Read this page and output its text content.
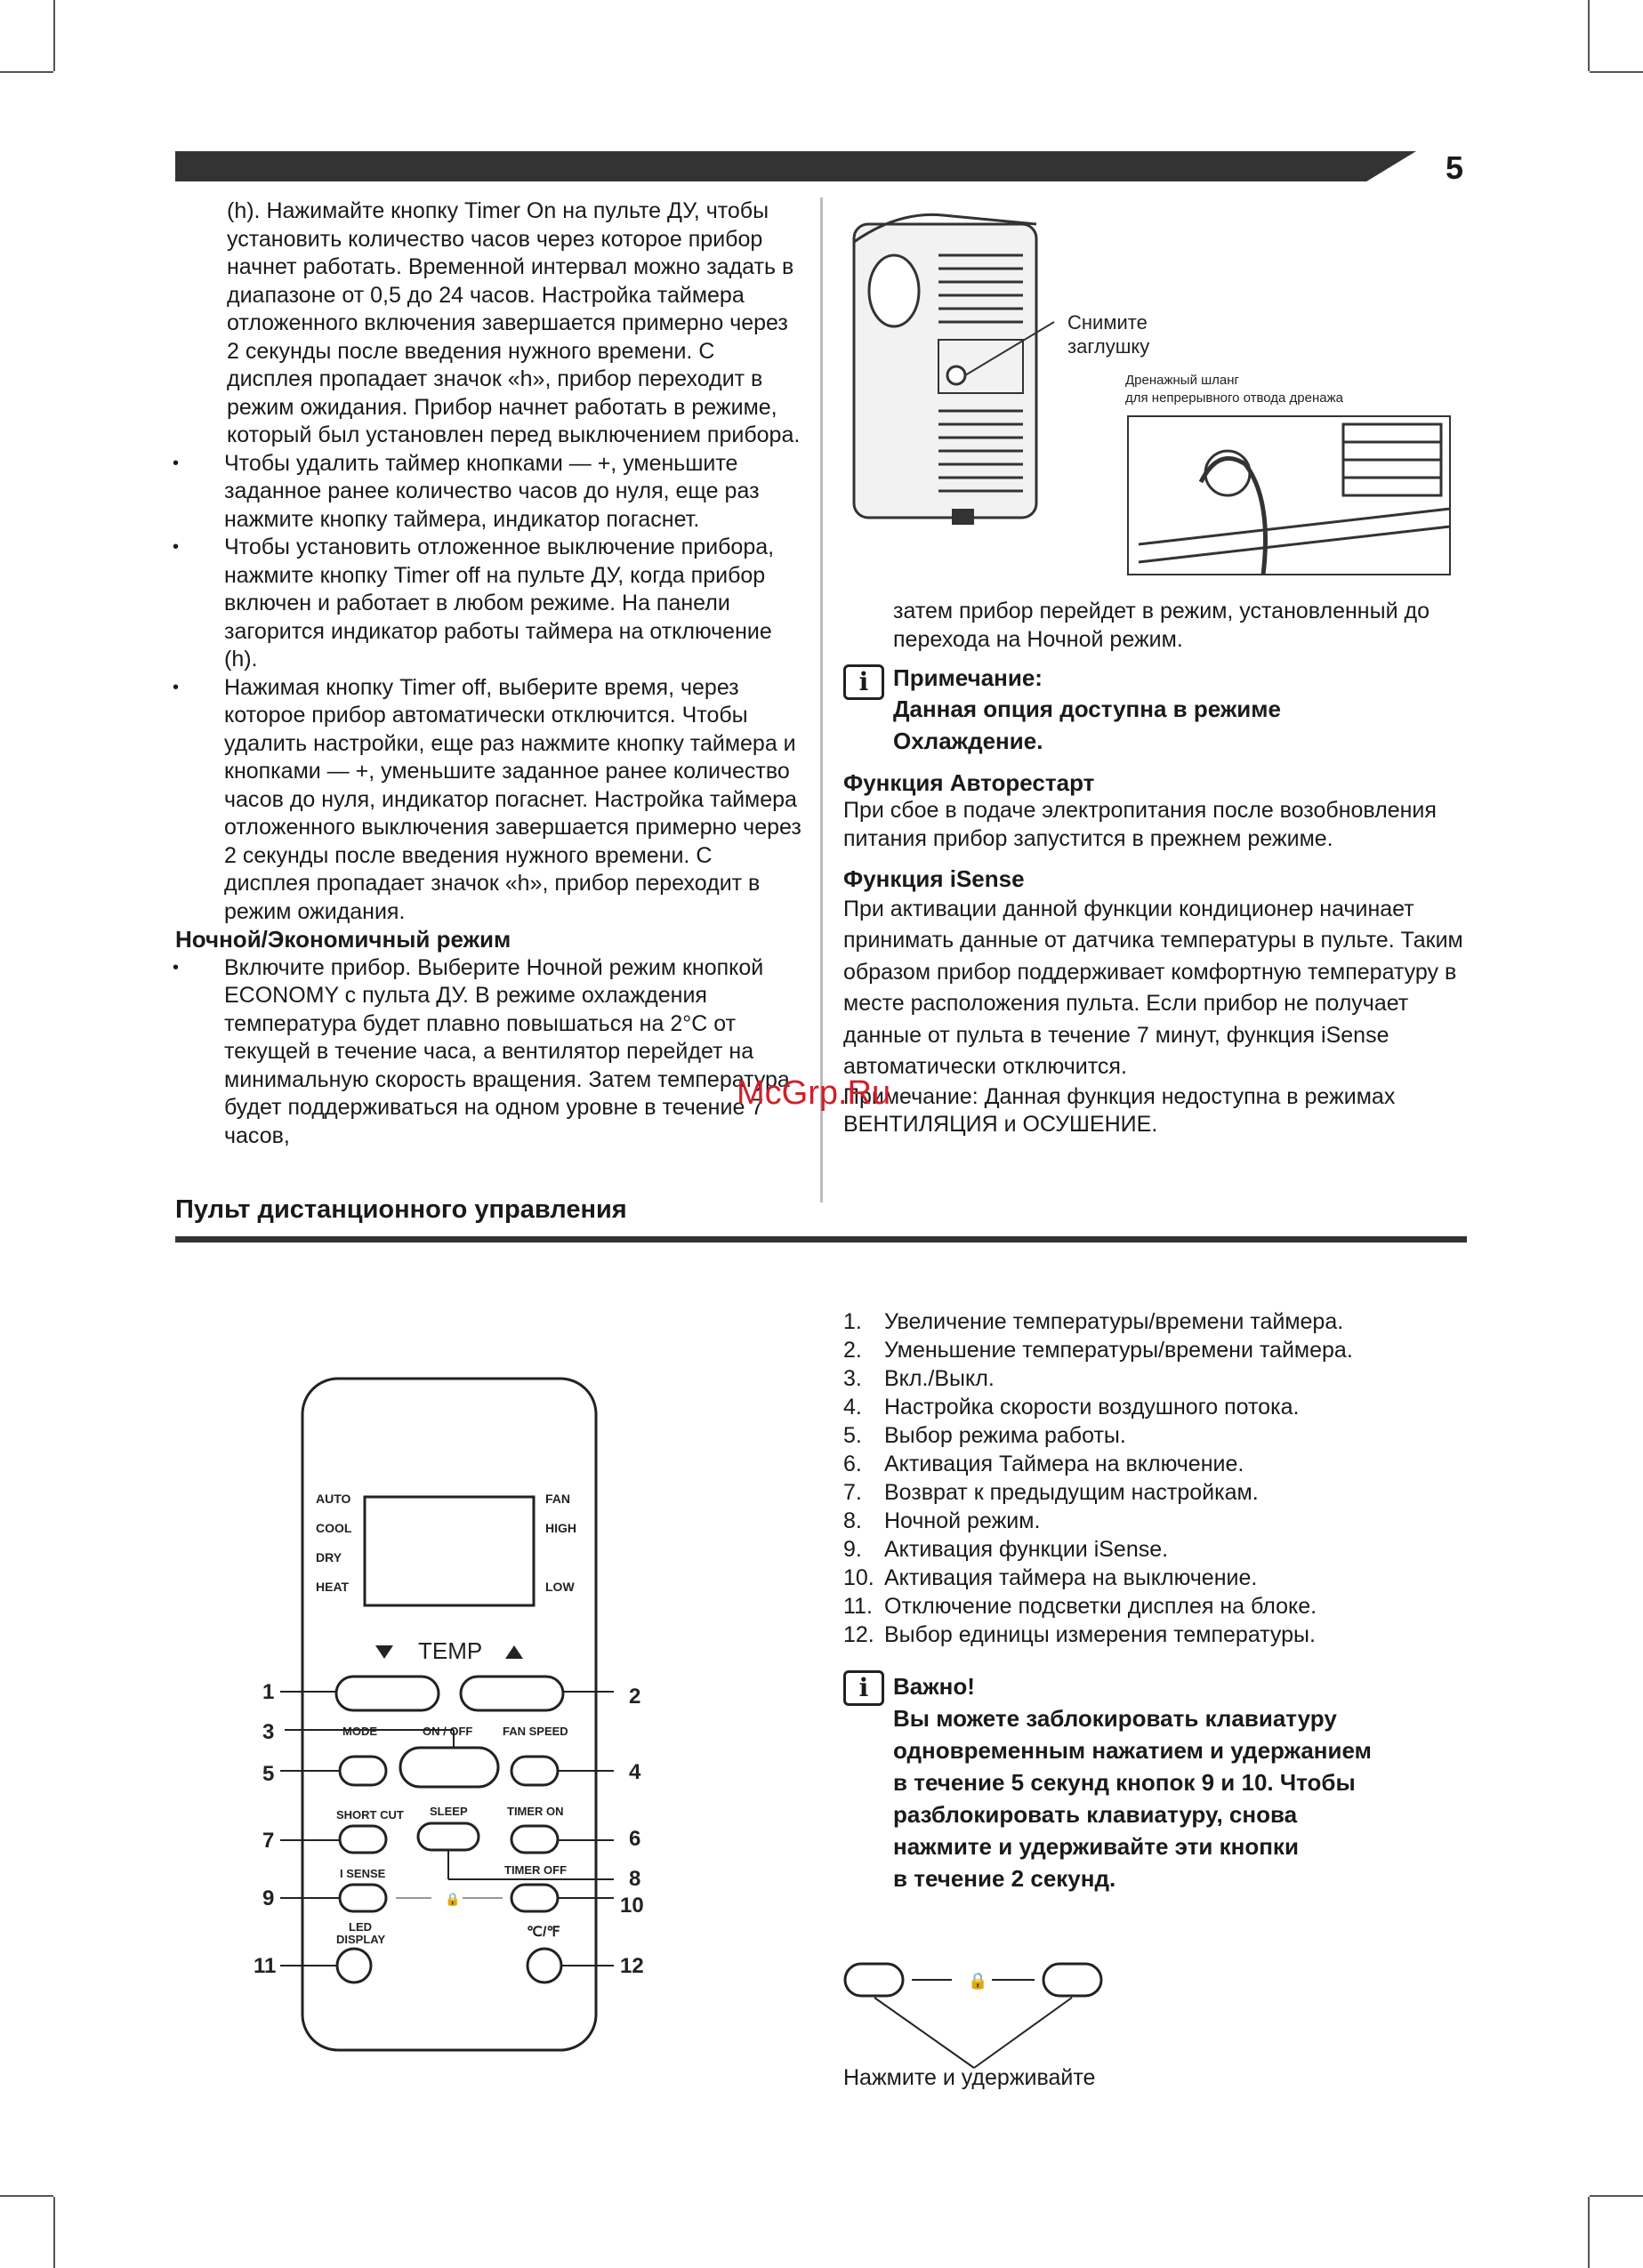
5

(h). Нажимайте кнопку Timer On на пульте ДУ, чтобы установить количество часов через которое прибор начнет работать. Временной интервал можно задать в диапазоне от 0,5 до 24 часов. Настройка таймера отложенного включения завершается примерно через 2 секунды после введения нужного времени. С дисплея пропадает значок «h», прибор переходит в режим ожидания. Прибор начнет работать в режиме, который был установлен перед выключением прибора.

• Чтобы удалить таймер кнопками — +, уменьшите заданное ранее количество часов до нуля, еще раз нажмите кнопку таймера, индикатор погаснет.

• Чтобы установить отложенное выключение прибора, нажмите кнопку Timer off на пульте ДУ, когда прибор включен и работает в любом режиме. На панели загорится индикатор работы таймера на отключение (h).

• Нажимая кнопку Timer off, выберите время, через которое прибор автоматически отключится. Чтобы удалить настройки, еще раз нажмите кнопку таймера и кнопками — +, уменьшите заданное ранее количество часов до нуля, индикатор погаснет. Настройка таймера отложенного выключения завершается примерно через 2 секунды после введения нужного времени. С дисплея пропадает значок «h», прибор переходит в режим ожидания.

Ночной/Экономичный режим

• Включите прибор. Выберите Ночной режим кнопкой ECONOMY с пульта ДУ. В режиме охлаждения температура будет плавно повышаться на 2°С от текущей в течение часа, а вентилятор перейдет на минимальную скорость вращения. Затем температура будет поддерживаться на одном уровне в течение 7 часов,

Снимите
заглушку
Дренажный шланг
для непрерывного отвода дренажа

затем прибор перейдет в режим, установленный до перехода на Ночной режим.

i	Примечание:

Данная опция доступна в режиме Охлаждение.

Функция Авторестарт

При сбое в подаче электропитания после возобновления питания прибор запустится в прежнем режиме.

Функция iSense

При активации данной функции кондиционер начинает принимать данные от датчика температуры в пульте. Таким образом прибор поддерживает комфортную температуру в месте расположения пульта. Если прибор не получает данные от пульта в течение 7 минут, функция iSense автоматически отключится.

Примечание: Данная функция недоступна в режимах ВЕНТИЛЯЦИЯ и ОСУШЕНИЕ.

McGrp.Ru
Пульт дистанционного управления
AUTO
COOL
DRY
HEAT
FAN
HIGH
LOW
TEMP
MODE	ON / OFF	FAN SPEED
SHORT CUT SLEEP	TIMER ON
I SENSE	TIMER OFF
LED
DISPLAY	℃/℉
🔒
1	2
3
4
5
6
7
8
9	10
11	12
1. Увеличение температуры/времени таймера.
2. Уменьшение температуры/времени таймера.
3. Вкл./Выкл.
4. Настройка скорости воздушного потока.
5. Выбор режима работы.
6. Активация Таймера на включение.
7. Возврат к предыдущим настройкам.
8. Ночной режим.
9. Активация функции iSense.
10. Активация таймера на выключение.
11. Отключение подсветки дисплея на блоке.
12. Выбор единицы измерения температуры.
i	Важно!
Вы можете заблокировать клавиатуру
одновременным нажатием и удержанием
в течение 5 секунд кнопок 9 и 10. Чтобы
разблокировать клавиатуру, снова
нажмите и удерживайте эти кнопки
в течение 2 секунд.
🔒
Нажмите и удерживайте
